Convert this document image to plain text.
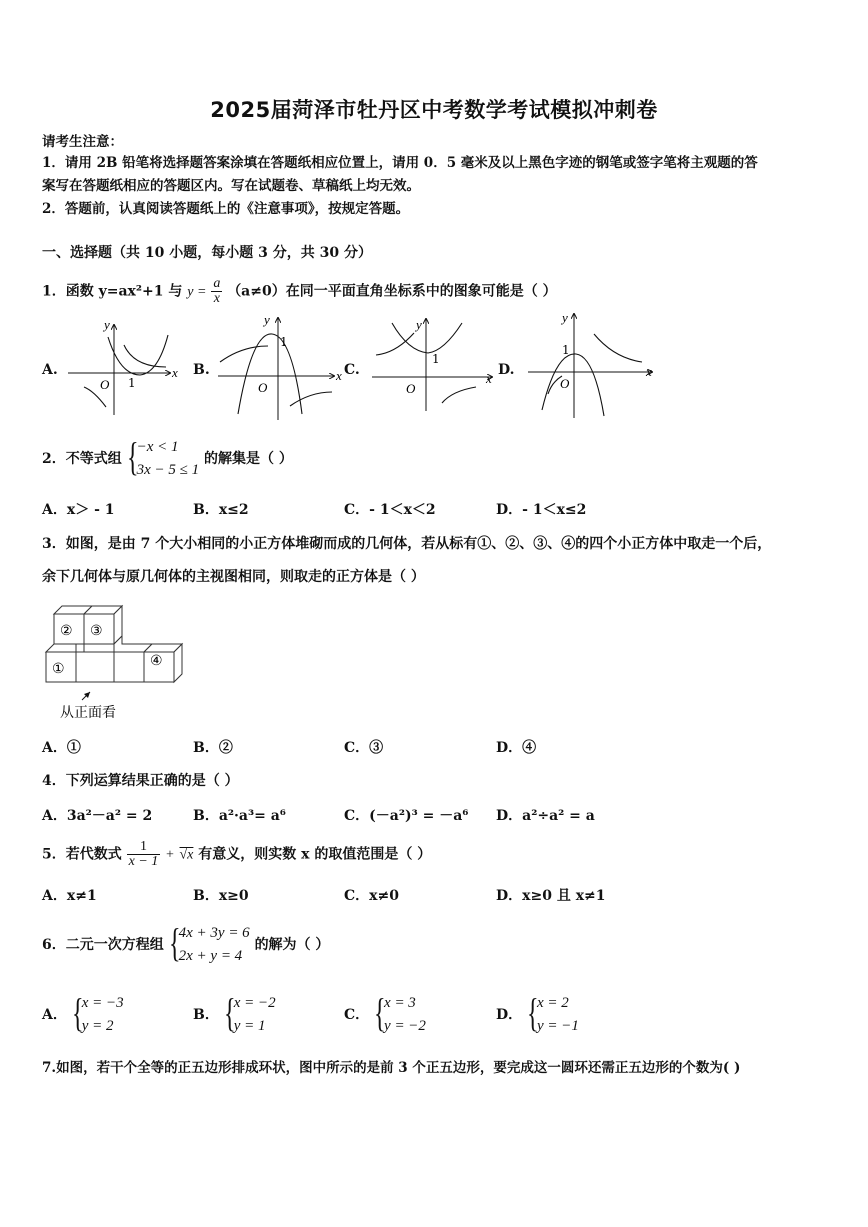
2025届菏泽市牡丹区中考数学考试模拟冲刺卷
请考生注意：
1．请用 2B 铅笔将选择题答案涂填在答题纸相应位置上，请用 0．5 毫米及以上黑色字迹的钢笔或签字笔将主观题的答
案写在答题纸相应的答题区内。写在试题卷、草稿纸上均无效。
2．答题前，认真阅读答题纸上的《注意事项》，按规定答题。
一、选择题（共 10 小题，每小题 3 分，共 30 分）
1．函数 y=ax²+1 与 $y = \frac{a}{x} (a\ne 0)$在同一平面直角坐标系中的图象可能是（ ）
A.	B.	C.	D.
x
y
O 1	x
y
O
1
x
y
O
1
x
y
O
1
2．不等式组 {
−x < 1
3x − 5 ≤ 1
的解集是（ ）
A．x＞ - 1	B．x≤2	C．- 1＜x＜2	D．- 1＜x≤2
3．如图，是由 7 个大小相同的小正方体堆砌而成的几何体，若从标有①、②、③、④的四个小正方体中取走一个后，
余下几何体与原几何体的主视图相同，则取走的正方体是（ ）
② ③
①	④
从正面看
A．①	B．②	C．③	D．④
4．下列运算结果正确的是（ ）
A．3a²－a² = 2	B．a²·a³= a⁶	C．(－a²)³ = －a⁶ D．a²÷a² = a
5．若代数式 $\frac{1}{x - 1} + √x$ 有意义，则实数 x 的取值范围是（ ）
A．x≠1	B．x≥0	C．x≠0	D．x≥0 且 x≠1
6．二元一次方程组 {
4x + 3y = 6
2x + y = 4
的解为（ ）
A． {
x = −3
y = 2
B． {
x = −2
y = 1
C． {
x = 3
y = −2
D． {
x = 2
y = −1
7.如图，若干个全等的正五边形排成环状，图中所示的是前 3 个正五边形，要完成这一圆环还需正五边形的个数为( )
